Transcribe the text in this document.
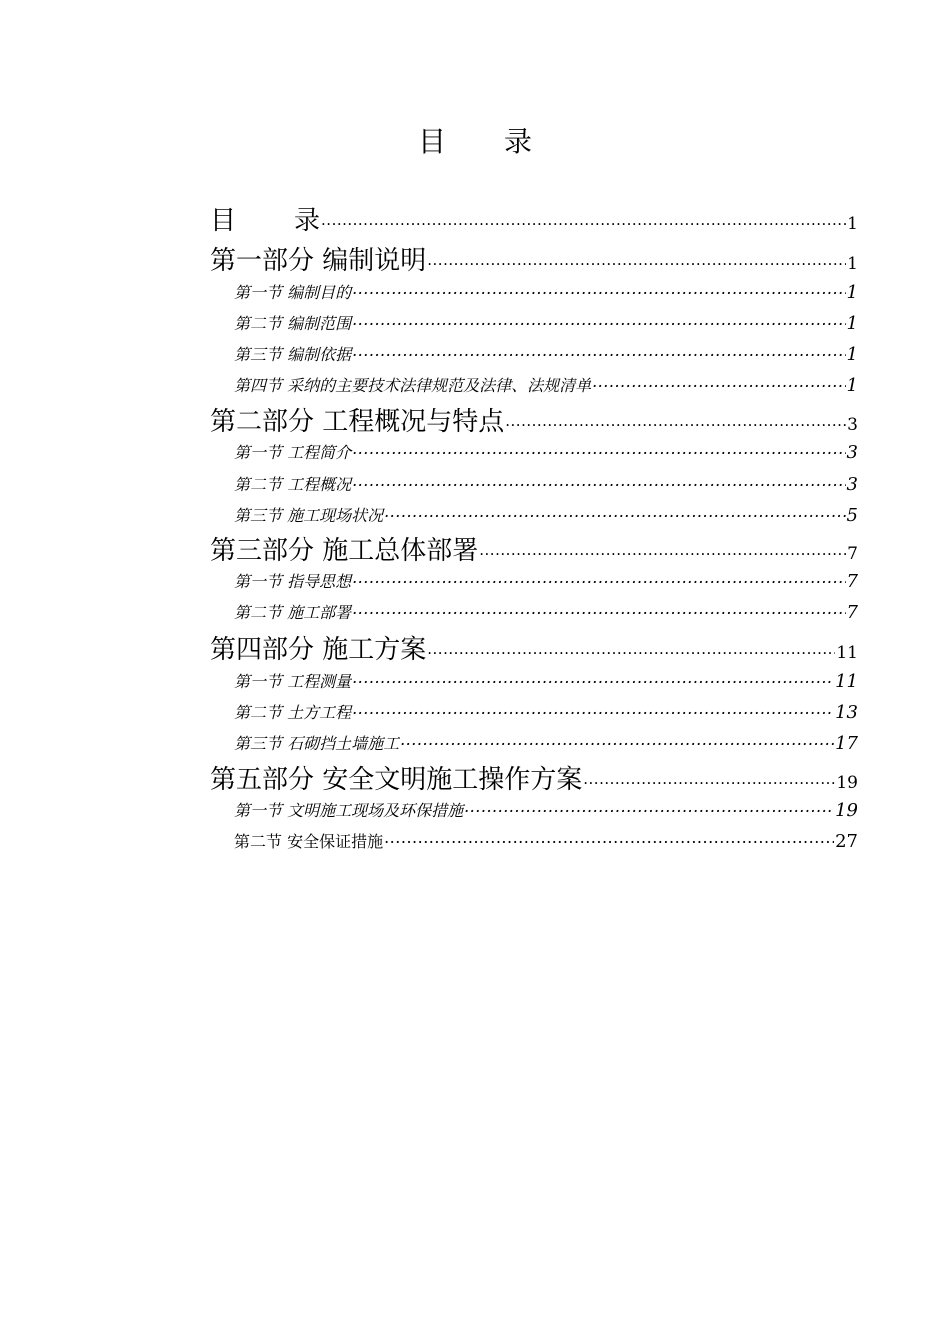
目 录
目 录 .....	1
第一部分 编制说明 .....	1
第一节 编制目的 .....	1
第二节 编制范围 .....	1
第三节 编制依据 .....	1
第四节 采纳的主要技术法律规范及法律、法规清单 .....	1
第二部分 工程概况与特点 .....	3
第一节 工程简介 .....	3
第二节 工程概况 .....	3
第三节 施工现场状况 .....	5
第三部分 施工总体部署 .....	7
第一节 指导思想 .....	7
第二节 施工部署 .....	7
第四部分 施工方案 .....	11
第一节 工程测量 .....	11
第二节 土方工程 .....	13
第三节 石砌挡土墙施工 .....	17
第五部分 安全文明施工操作方案 .....	19
第一节 文明施工现场及环保措施 .....	19
第二节 安全保证措施 .....	27
